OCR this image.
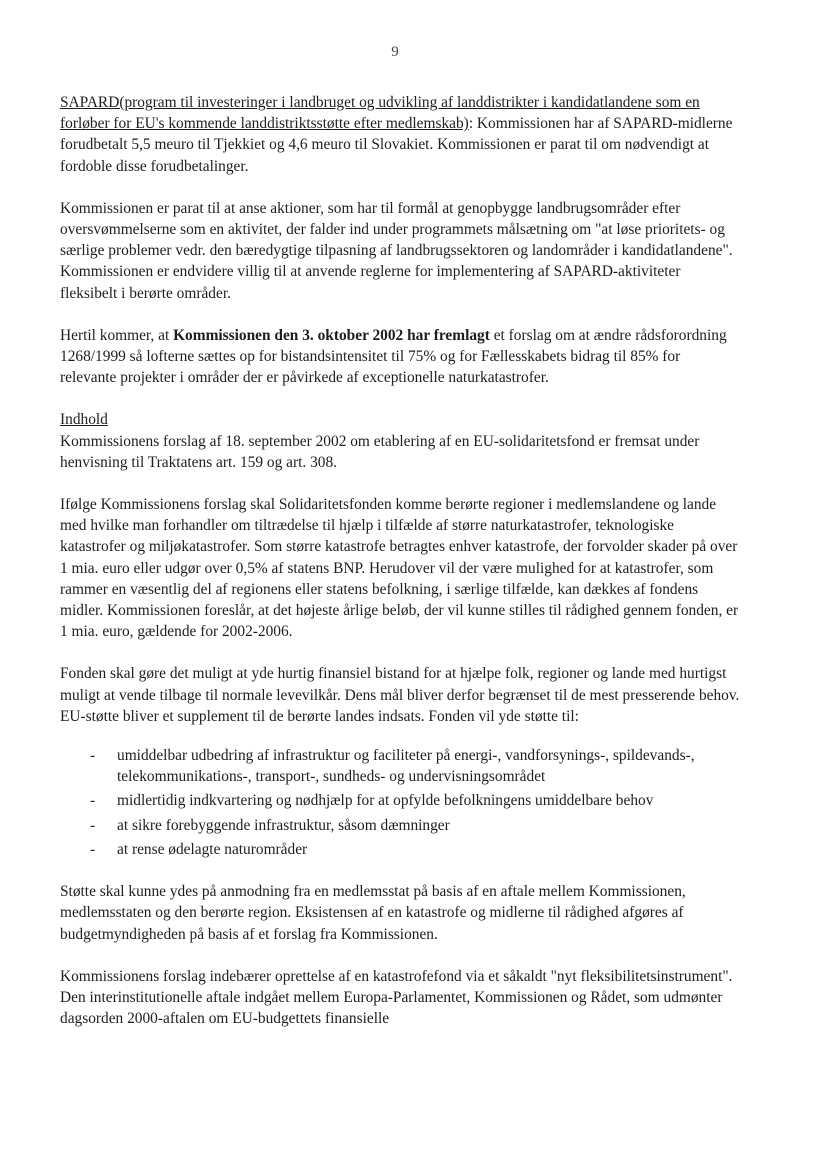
9

SAPARD(program til investeringer i landbruget og udvikling af landdistrikter i kandidatlandene som en forløber for EU's kommende landdistriktsstøtte efter medlemskab): Kommissionen har af SAPARD-midlerne forudbetalt 5,5 meuro til Tjekkiet og 4,6 meuro til Slovakiet. Kommissionen er parat til om nødvendigt at fordoble disse forudbetalinger.

Kommissionen er parat til at anse aktioner, som har til formål at genopbygge landbrugsområder efter oversvømmelserne som en aktivitet, der falder ind under programmets målsætning om "at løse prioritets- og særlige problemer vedr. den bæredygtige tilpasning af landbrugssektoren og landområder i kandidatlandene". Kommissionen er endvidere villig til at anvende reglerne for implementering af SAPARD-aktiviteter fleksibelt i berørte områder.

Hertil kommer, at Kommissionen den 3. oktober 2002 har fremlagt et forslag om at ændre rådsforordning 1268/1999 så lofterne sættes op for bistandsintensitet til 75% og for Fællesskabets bidrag til 85% for relevante projekter i områder der er påvirkede af exceptionelle naturkatastrofer.

Indhold

Kommissionens forslag af 18. september 2002 om etablering af en EU-solidaritetsfond er fremsat under henvisning til Traktatens art. 159 og art. 308.

Ifølge Kommissionens forslag skal Solidaritetsfonden komme berørte regioner i medlemslandene og lande med hvilke man forhandler om tiltrædelse til hjælp i tilfælde af større naturkatastrofer, teknologiske katastrofer og miljøkatastrofer. Som større katastrofe betragtes enhver katastrofe, der forvolder skader på over 1 mia. euro eller udgør over 0,5% af statens BNP. Herudover vil der være mulighed for at katastrofer, som rammer en væsentlig del af regionens eller statens befolkning, i særlige tilfælde, kan dækkes af fondens midler. Kommissionen foreslår, at det højeste årlige beløb, der vil kunne stilles til rådighed gennem fonden, er 1 mia. euro, gældende for 2002-2006.

Fonden skal gøre det muligt at yde hurtig finansiel bistand for at hjælpe folk, regioner og lande med hurtigst muligt at vende tilbage til normale levevilkår. Dens mål bliver derfor begrænset til de mest presserende behov. EU-støtte bliver et supplement til de berørte landes indsats. Fonden vil yde støtte til:

- umiddelbar udbedring af infrastruktur og faciliteter på energi-, vandforsynings-, spildevands-, telekommunikations-, transport-, sundheds- og undervisningsområdet
- midlertidig indkvartering og nødhjælp for at opfylde befolkningens umiddelbare behov
- at sikre forebyggende infrastruktur, såsom dæmninger
- at rense ødelagte naturområder

Støtte skal kunne ydes på anmodning fra en medlemsstat på basis af en aftale mellem Kommissionen, medlemsstaten og den berørte region. Eksistensen af en katastrofe og midlerne til rådighed afgøres af budgetmyndigheden på basis af et forslag fra Kommissionen.

Kommissionens forslag indebærer oprettelse af en katastrofefond via et såkaldt "nyt fleksibilitetsinstrument". Den interinstitutionelle aftale indgået mellem Europa-Parlamentet, Kommissionen og Rådet, som udmønter dagsorden 2000-aftalen om EU-budgettets finansielle
